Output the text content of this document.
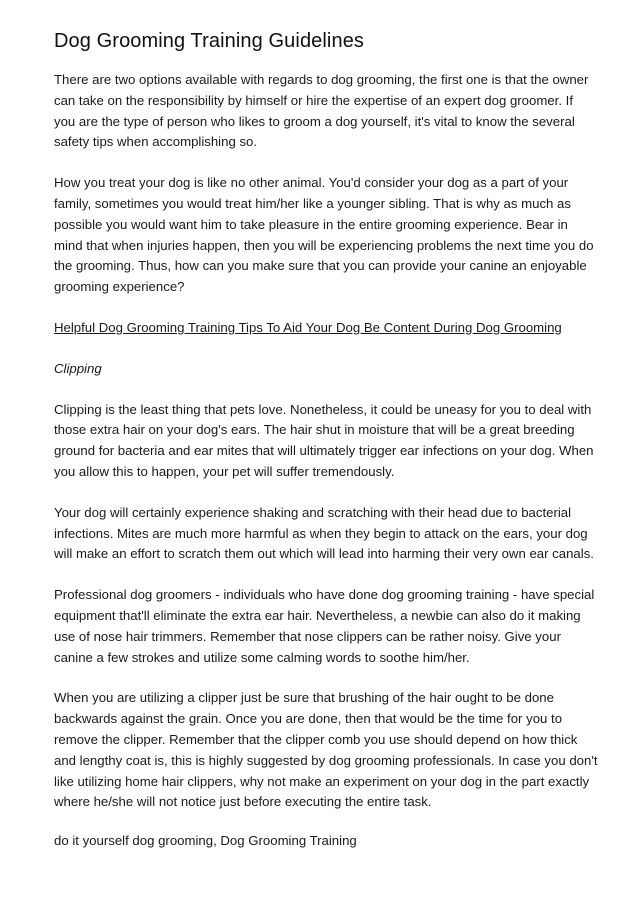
Dog Grooming Training Guidelines

There are two options available with regards to dog grooming, the first one is that the owner
can take on the responsibility by himself or hire the expertise of an expert dog groomer. If
you are the type of person who likes to groom a dog yourself, it's vital to know the several
safety tips when accomplishing so.

How you treat your dog is like no other animal. You'd consider your dog as a part of your
family, sometimes you would treat him/her like a younger sibling. That is why as much as
possible you would want him to take pleasure in the entire grooming experience. Bear in
mind that when injuries happen, then you will be experiencing problems the next time you do
the grooming. Thus, how can you make sure that you can provide your canine an enjoyable
grooming experience?

Helpful Dog Grooming Training Tips To Aid Your Dog Be Content During Dog Grooming

Clipping

Clipping is the least thing that pets love. Nonetheless, it could be uneasy for you to deal with
those extra hair on your dog's ears. The hair shut in moisture that will be a great breeding
ground for bacteria and ear mites that will ultimately trigger ear infections on your dog. When
you allow this to happen, your pet will suffer tremendously.

Your dog will certainly experience shaking and scratching with their head due to bacterial
infections. Mites are much more harmful as when they begin to attack on the ears, your dog
will make an effort to scratch them out which will lead into harming their very own ear canals.

Professional dog groomers - individuals who have done dog grooming training - have special
equipment that'll eliminate the extra ear hair. Nevertheless, a newbie can also do it making
use of nose hair trimmers. Remember that nose clippers can be rather noisy. Give your
canine a few strokes and utilize some calming words to soothe him/her.

When you are utilizing a clipper just be sure that brushing of the hair ought to be done
backwards against the grain. Once you are done, then that would be the time for you to
remove the clipper. Remember that the clipper comb you use should depend on how thick
and lengthy coat is, this is highly suggested by dog grooming professionals. In case you don't
like utilizing home hair clippers, why not make an experiment on your dog in the part exactly
where he/she will not notice just before executing the entire task.

do it yourself dog grooming, Dog Grooming Training
